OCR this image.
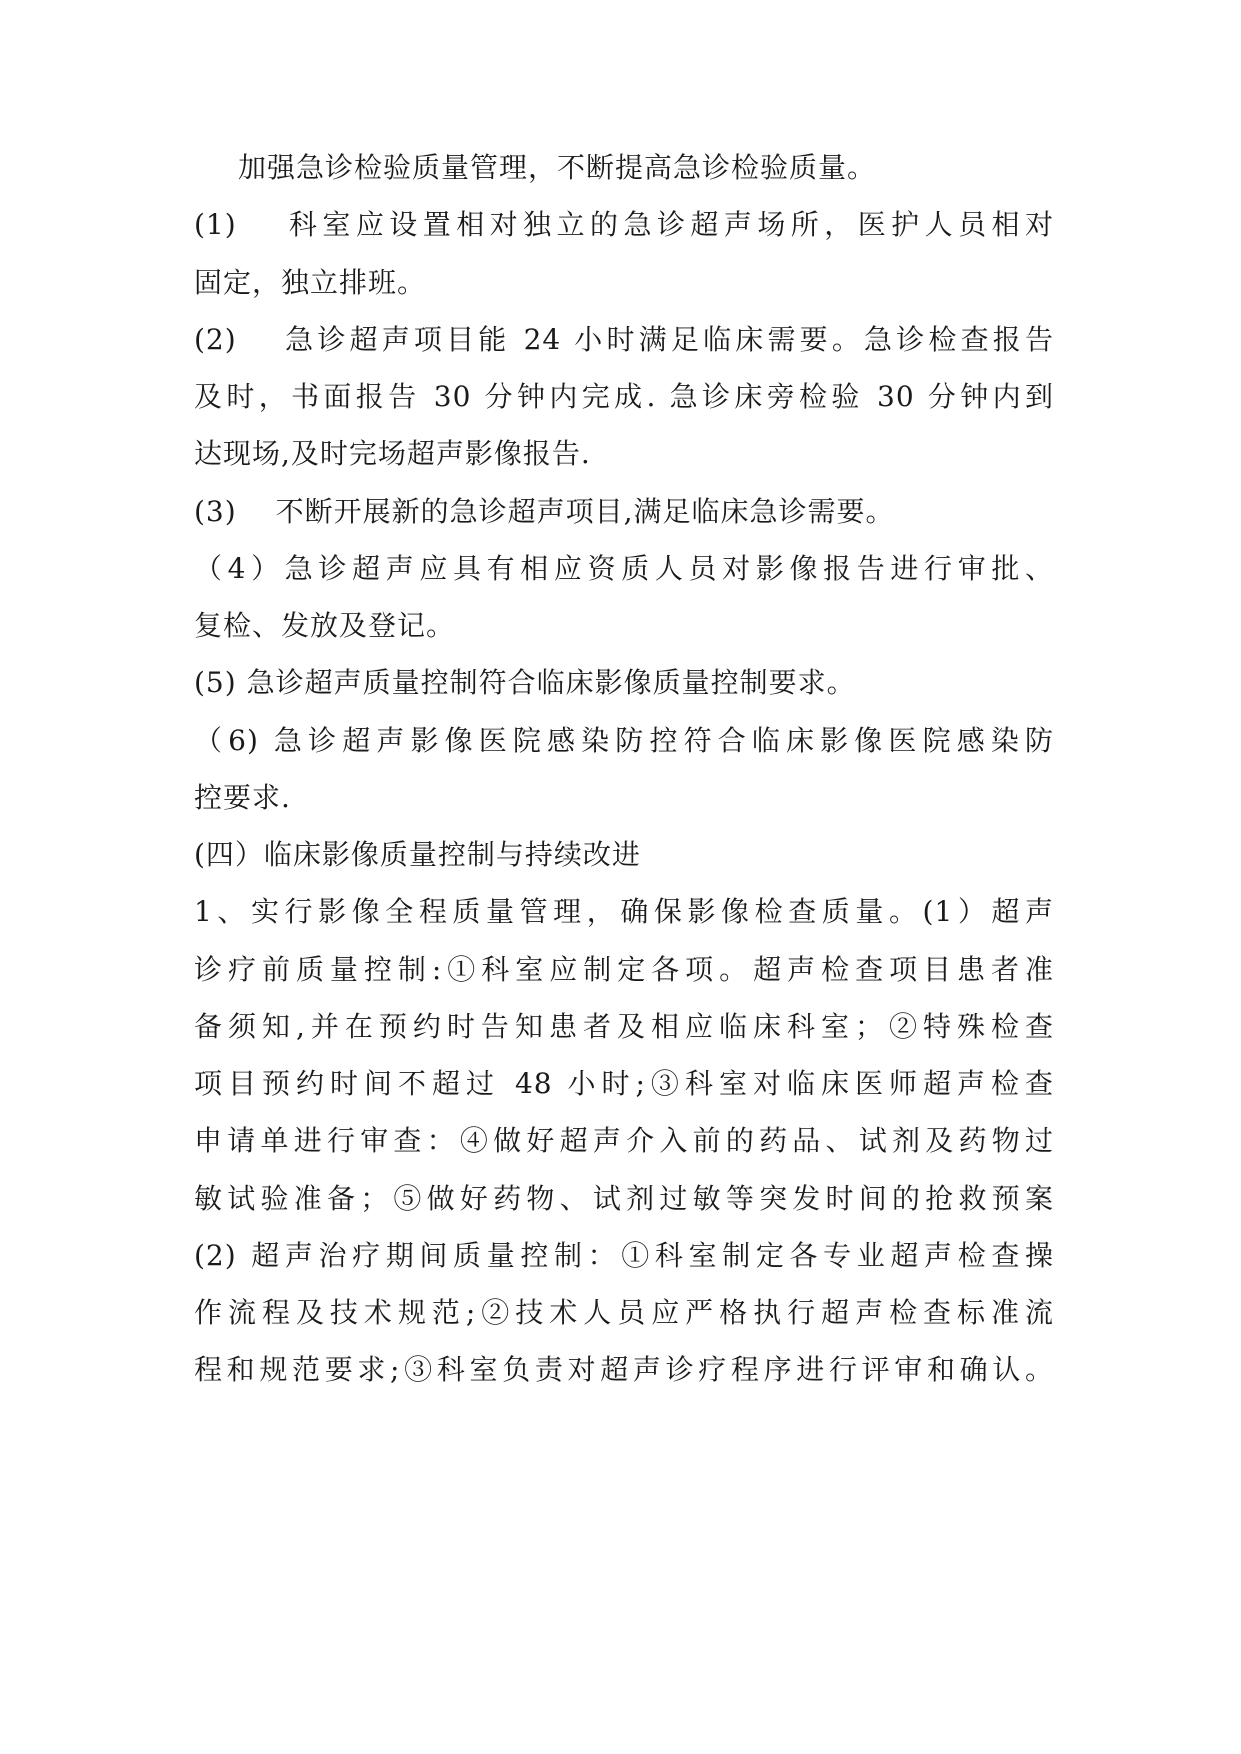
加强急诊检验质量管理，不断提高急诊检验质量。
(1)　 科室应设置相对独立的急诊超声场所，医护人员相对
固定，独立排班。
(2)　 急诊超声项目能 24 小时满足临床需要。急诊检查报告
及时，书面报告 30 分钟内完成. 急诊床旁检验 30 分钟内到
达现场,及时完场超声影像报告.
(3)　 不断开展新的急诊超声项目,满足临床急诊需要。
（4）急诊超声应具有相应资质人员对影像报告进行审批、
复检、发放及登记。
(5) 急诊超声质量控制符合临床影像质量控制要求。
（6) 急诊超声影像医院感染防控符合临床影像医院感染防
控要求.
(四）临床影像质量控制与持续改进
1、实行影像全程质量管理，确保影像检查质量。(1）超声
诊疗前质量控制:①科室应制定各项。超声检查项目患者准
备须知,并在预约时告知患者及相应临床科室；②特殊检查
项目预约时间不超过 48 小时;③科室对临床医师超声检查
申请单进行审查：④做好超声介入前的药品、试剂及药物过
敏试验准备；⑤做好药物、试剂过敏等突发时间的抢救预案
(2) 超声治疗期间质量控制：①科室制定各专业超声检查操
作流程及技术规范;②技术人员应严格执行超声检查标准流
程和规范要求;③科室负责对超声诊疗程序进行评审和确认。
